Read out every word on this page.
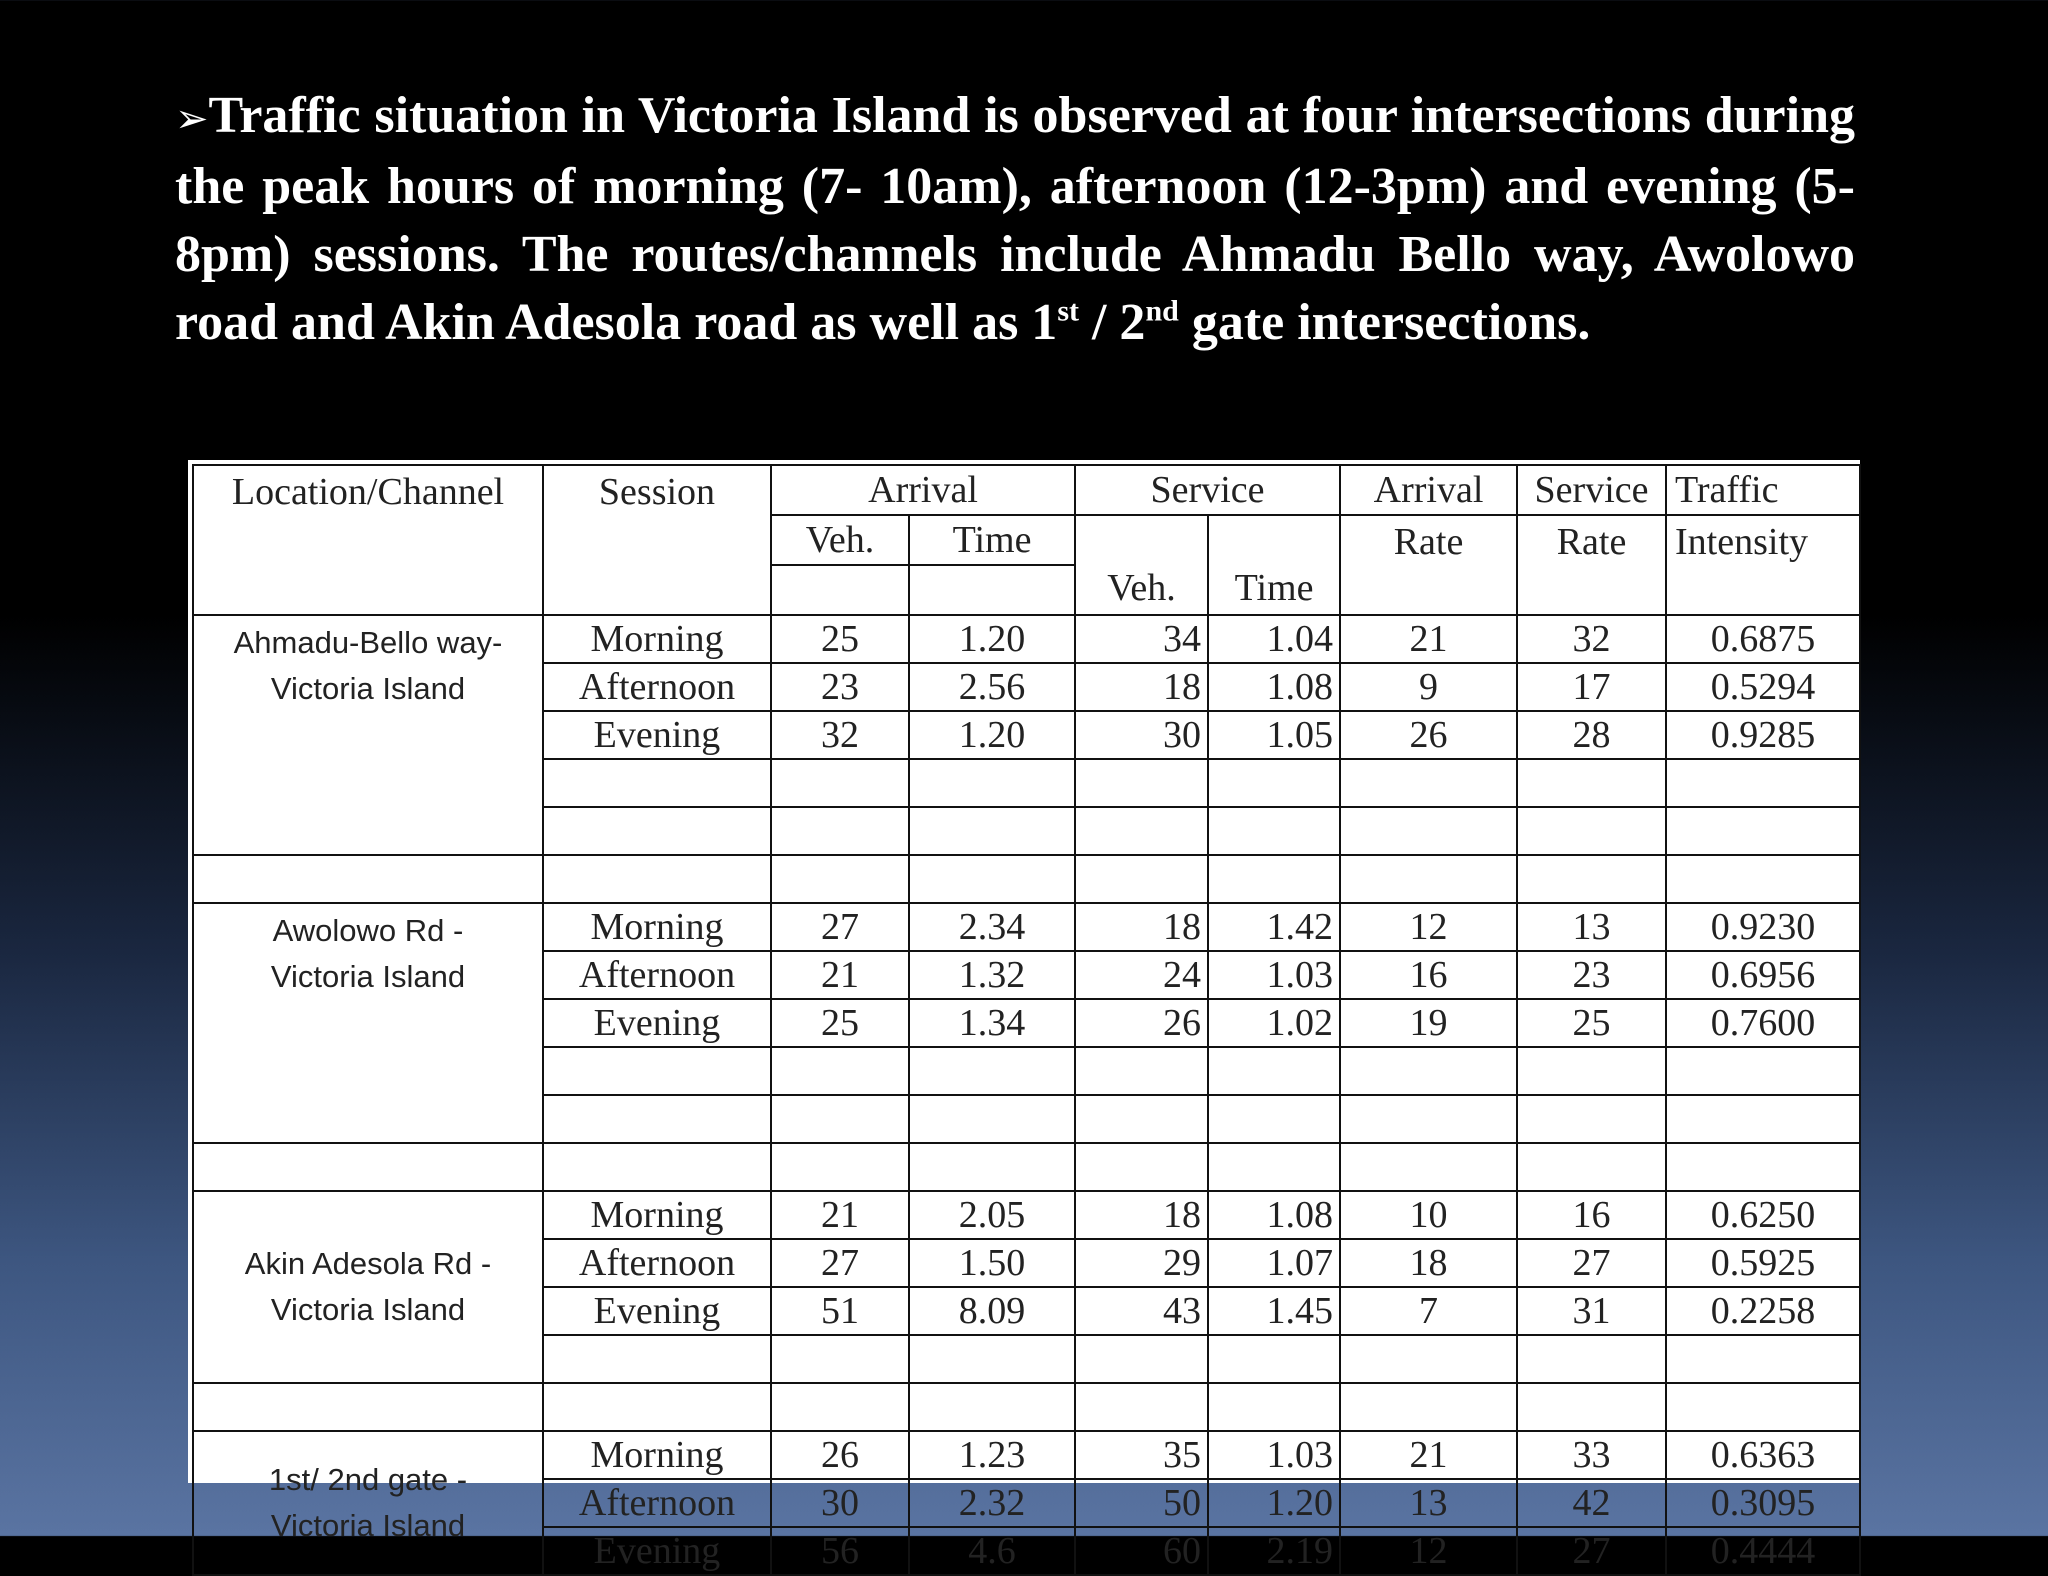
➢Traffic situation in Victoria Island is observed at four intersections during the peak hours of morning (7- 10am), afternoon (12-3pm) and evening (5-8pm) sessions. The routes/channels include Ahmadu Bello way, Awolowo road and Akin Adesola road as well as 1st / 2nd gate intersections.
Location/Channel	Session	Arrival		Service		Arrival	Service	Traffic
		Veh.	Time	Veh.	Time	Rate	Rate	Intensity

Ahmadu-Bello way-
Victoria Island	Morning	25	1.20	34	1.04	21	32	0.6875
	Afternoon	23	2.56	18	1.08	9	17	0.5294
	Evening	32	1.20	30	1.05	26	28	0.9285

Awolowo Rd -
Victoria Island	Morning	27	2.34	18	1.42	12	13	0.9230
	Afternoon	21	1.32	24	1.03	16	23	0.6956
	Evening	25	1.34	26	1.02	19	25	0.7600

Akin Adesola Rd -
Victoria Island	Morning	21	2.05	18	1.08	10	16	0.6250
	Afternoon	27	1.50	29	1.07	18	27	0.5925
	Evening	51	8.09	43	1.45	7	31	0.2258

1st/ 2nd gate -
Victoria Island	Morning	26	1.23	35	1.03	21	33	0.6363
	Afternoon	30	2.32	50	1.20	13	42	0.3095
	Evening	56	4.6	60	2.19	12	27	0.4444
